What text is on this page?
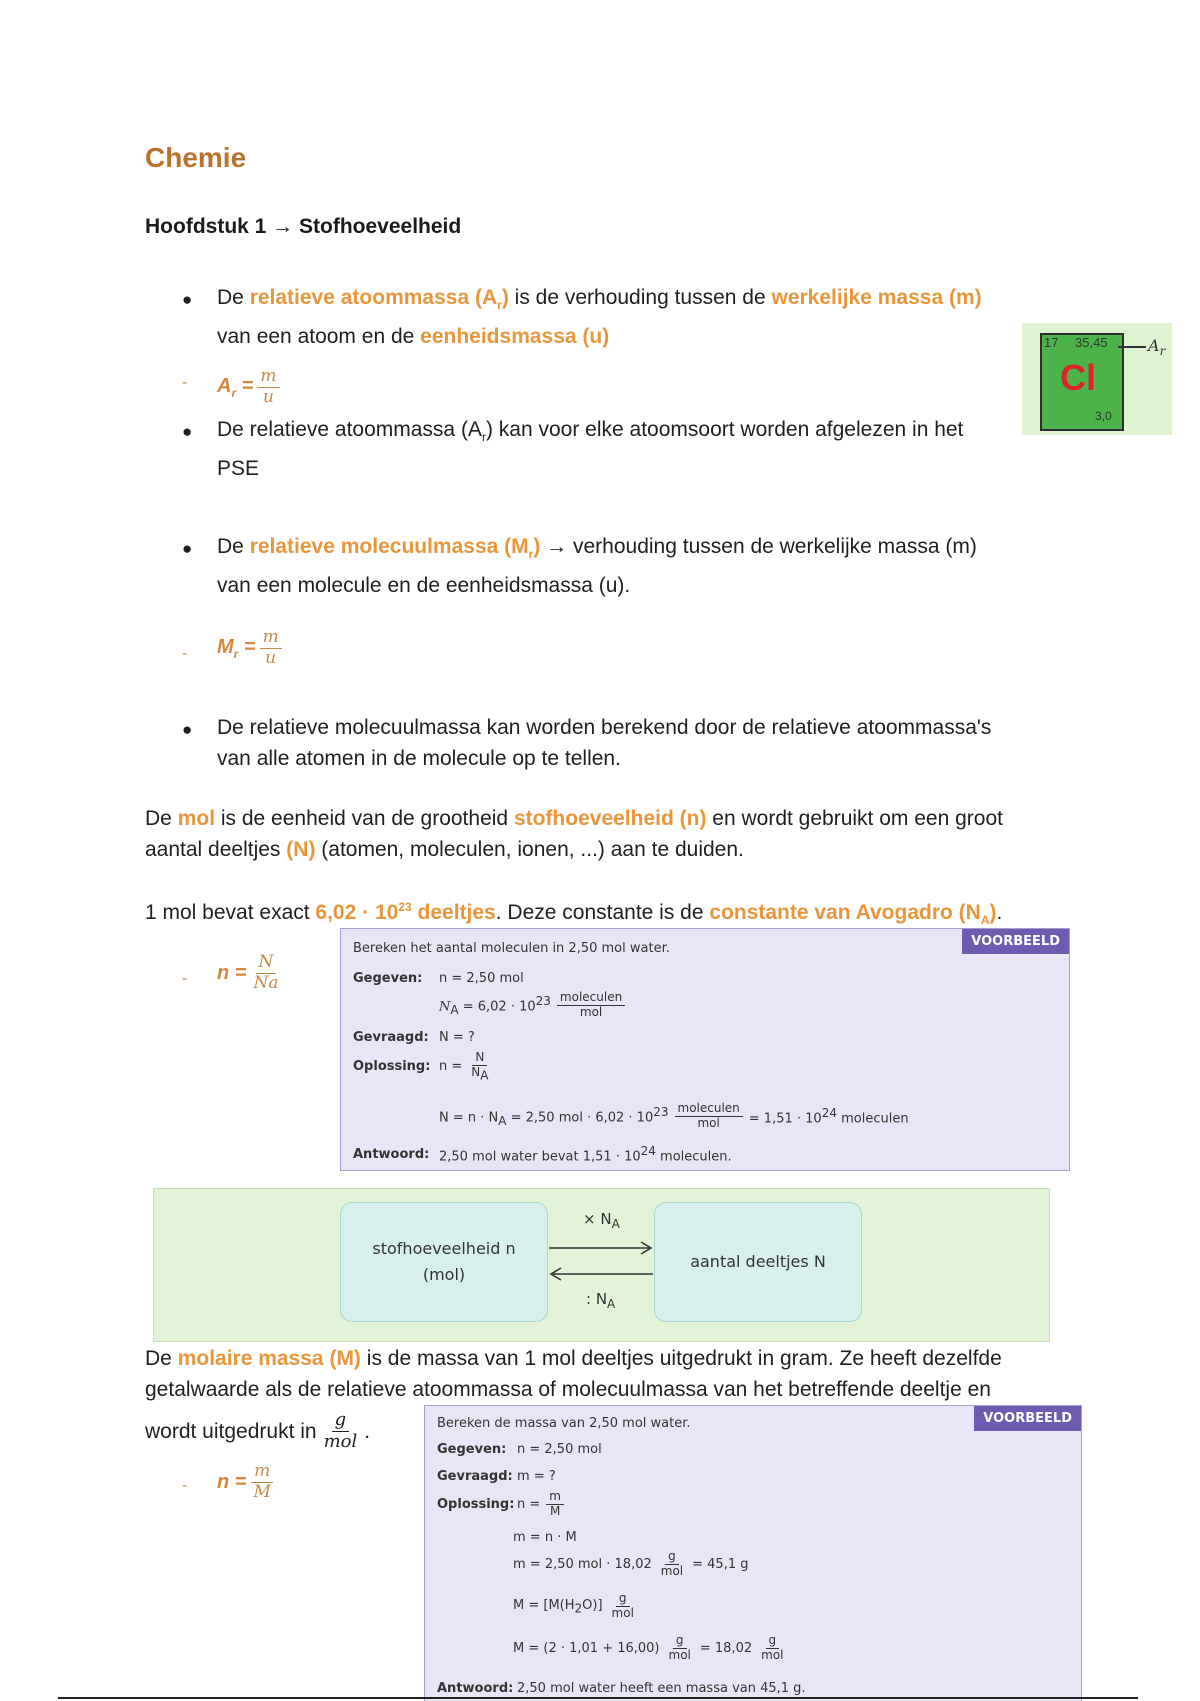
Chemie
Hoofdstuk 1 → Stofhoeveelheid
● De relatieve atoommassa $(A_r)$ is de verhouding tussen de werkelijke massa (m)
van een atoom en de eenheidsmassa (u)
- $A_r = \frac{m}{u}$
● De relatieve atoommassa $(A_r)$ kan voor elke atoomsoort worden afgelezen in het
PSE
17 35,45
Cl
3,0
$A_r$
● De relatieve molecuulmassa $(M_r)$ → verhouding tussen de werkelijke massa (m)
van een molecule en de eenheidsmassa (u).
- $M_r = \frac{m}{u}$
● De relatieve molecuulmassa kan worden berekend door de relatieve atoommassa's
van alle atomen in de molecule op te tellen.
De mol is de eenheid van de grootheid stofhoeveelheid (n) en wordt gebruikt om een groot
aantal deeltjes (N) (atomen, moleculen, ionen, ...) aan te duiden.
1 mol bevat exact $6,02 \cdot 10^{23}$ deeltjes. Deze constante is de constante van Avogadro $(N_A)$.
- $n = \frac{N}{Na}$
VOORBEELD
Bereken het aantal moleculen in 2,50 mol water.
Gegeven:	n = 2,50 mol
$N_A = 6,02 \cdot 10^{23} \frac{\text{moleculen}}{\text{mol}}$
Gevraagd: N = ?
Oplossing: $n = \frac{N}{N_A}$
$N = n \cdot N_A = 2,50$ mol · $6,02 \cdot 10^{23} \frac{\text{moleculen}}{\text{mol}} = 1,51 \cdot 10^{24}$ moleculen
Antwoord: 2,50 mol water bevat $1,51 \cdot 10^{24}$ moleculen.
stofhoeveelheid n
(mol)
aantal deeltjes N
× $N_A$
: $N_A$
De molaire massa (M) is de massa van 1 mol deeltjes uitgedrukt in gram. Ze heeft dezelfde
getalwaarde als de relatieve atoommassa of molecuulmassa van het betreffende deeltje en
wordt uitgedrukt in $\frac{g}{\text{mol}}$ .
- $n = \frac{m}{M}$
VOORBEELD
Bereken de massa van 2,50 mol water.
Gegeven: n = 2,50 mol
Gevraagd: m = ?
Oplossing: $n = \frac{m}{M}$
m = n · M
m = 2,50 mol · $18,02 \frac{g}{\text{mol}} = 45,1$ g
$M = [M(H_2O)] \frac{g}{\text{mol}}$
$M = (2 \cdot 1,01 + 16,00) \frac{g}{\text{mol}} = 18,02 \frac{g}{\text{mol}}$
Antwoord: 2,50 mol water heeft een massa van 45,1 g.
